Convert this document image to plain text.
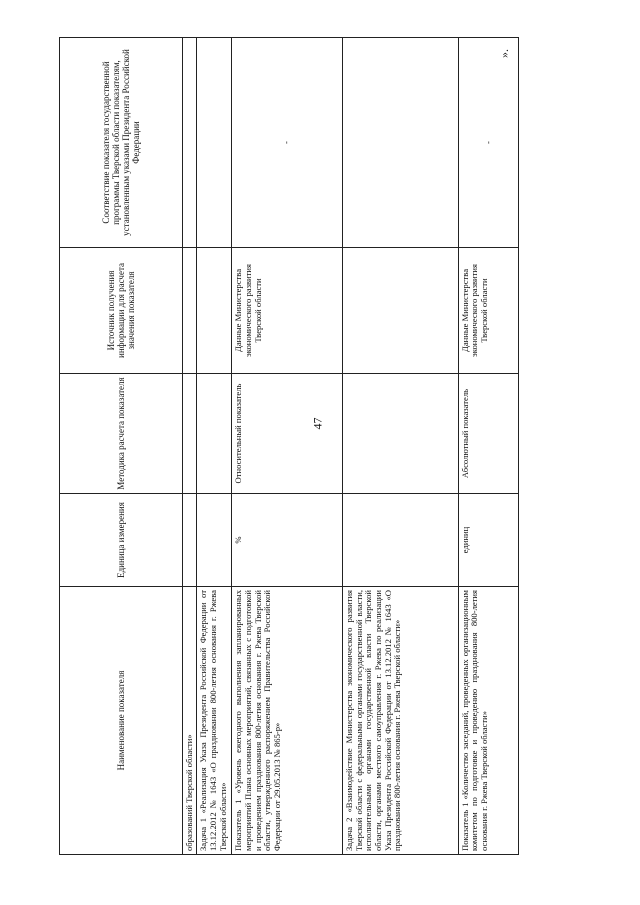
47
».
Наименование показателя	Единица измерения	Методика расчета показателя	Источник получения информации для расчета значения показателя	Соответствие показателя государственной программы Тверской области показателям, установленным указами Президента Российской Федерации
образований Тверской области»				
Задача 1 «Реализация Указа Президента Российской Федерации от 13.12.2012 № 1643 «О праздновании 800-летия основания г. Ржева Тверской области»				
Показатель 1 «Уровень ежегодного выполнения запланированных мероприятий Плана основных мероприятий, связанных с подготовкой и проведением празднования 800-летия основания г. Ржева Тверской области, утвержденного распоряжением Правительства Российской Федерации от 29.05.2013 № 865-р»	%	Относительный показатель	Данные Министерства экономического развития Тверской области	-
Задача 2 «Взаимодействие Министерства экономического развития Тверской области с федеральными органами государственной власти, исполнительными органами государственной власти Тверской области, органами местного самоуправления г. Ржева по реализации Указа Президента Российской Федерации от 13.12.2012 № 1643 «О праздновании 800-летия основания г. Ржева Тверской области»				
Показатель 1 «Количество заседаний, проведенных организационным комитетом по подготовке и проведению празднования 800-летия основания г. Ржева Тверской области»	единиц	Абсолютный показатель	Данные Министерства экономического развития Тверской области	-
